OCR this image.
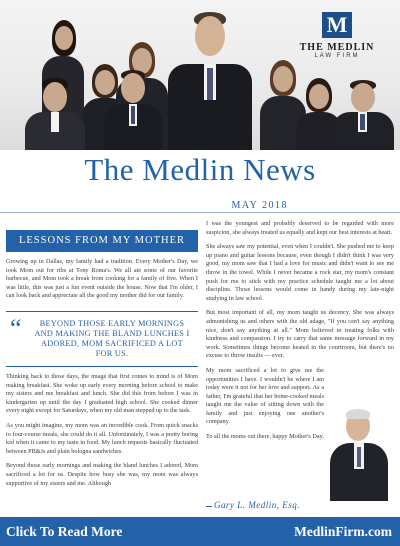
M
THE MEDLIN
LAW FIRM
The Medlin News
MAY 2018
LESSONS FROM MY MOTHER

Growing up in Dallas, my family had a tradition. Every Mother's Day, we took Mom out for ribs at Tony Roma's. We all ate some of our favorite barbecue, and Mom took a break from cooking for a family of five. When I was little, this was just a fun event outside the house. Now that I'm older, I can look back and appreciate all the good my mother did for our family.

“	BEYOND THOSE EARLY MORNINGS AND MAKING THE BLAND LUNCHES I ADORED, MOM SACRIFICED A LOT FOR US.

Thinking back to those days, the image that first comes to mind is of Mom making breakfast. She woke up early every morning before school to make my sisters and me breakfast and lunch. She did this from before I was in kindergarten up until the day I graduated high school. She cooked dinner every night except for Saturdays, when my old man stepped up to the task.

As you might imagine, my mom was an incredible cook. From quick snacks to four-course meals, she could do it all. Unfortunately, I was a pretty boring kid when it came to my taste in food. My lunch requests basically fluctuated between PB&Js and plain bologna sandwiches.

Beyond those early mornings and making the bland lunches I adored, Mom sacrificed a lot for us. Despite how busy she was, my mom was always supportive of my sisters and me. Although

I was the youngest and probably deserved to be regarded with more suspicion, she always treated us equally and kept our best interests at heart.

She always saw my potential, even when I couldn't. She pushed me to keep up piano and guitar lessons because, even though I didn't think I was very good, my mom saw that I had a love for music and didn't want to see me throw in the towel. While I never became a rock star, my mom's constant push for me to stick with my practice schedule taught me a lot about discipline. Those lessons would come in handy during my late-night studying in law school.

But most important of all, my mom taught us decency. She was always admonishing us and others with the old adage, "If you can't say anything nice, don't say anything at all." Mom believed in treating folks with kindness and compassion. I try to carry that same message forward in my work. Sometimes things become heated in the courtroom, but there's no excuse to throw insults — ever.

My mom sacrificed a lot to give me the opportunities I have. I wouldn't be where I am today were it not for her love and support. As a father, I'm grateful that her home-cooked meals taught me the value of sitting down with the family and just enjoying one another's company.

To all the moms out there, happy Mother's Day.

Gary L. Medlin, Esq.
Click To Read More	MedlinFirm.com
